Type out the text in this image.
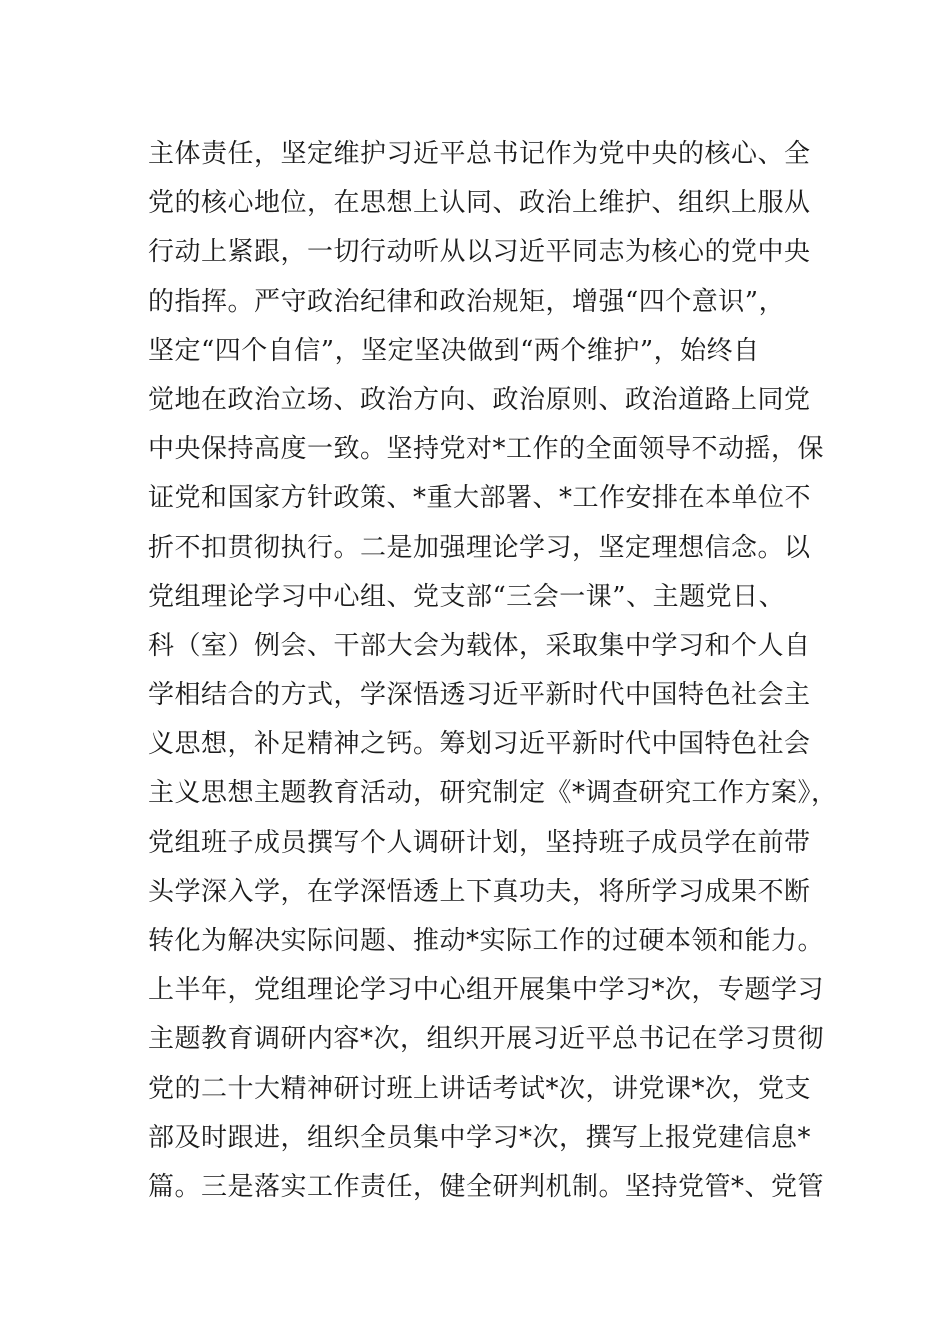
主体责任，坚定维护习近平总书记作为党中央的核心、全
党的核心地位，在思想上认同、政治上维护、组织上服从
行动上紧跟，一切行动听从以习近平同志为核心的党中央
的指挥。严守政治纪律和政治规矩，增强“四个意识”，
坚定“四个自信”，坚定坚决做到“两个维护”，始终自
觉地在政治立场、政治方向、政治原则、政治道路上同党
中央保持高度一致。坚持党对*工作的全面领导不动摇，保
证党和国家方针政策、*重大部署、*工作安排在本单位不
折不扣贯彻执行。二是加强理论学习，坚定理想信念。以
党组理论学习中心组、党支部“三会一课”、主题党日、
科（室）例会、干部大会为载体，采取集中学习和个人自
学相结合的方式，学深悟透习近平新时代中国特色社会主
义思想，补足精神之钙。筹划习近平新时代中国特色社会
主义思想主题教育活动，研究制定《*调查研究工作方案》，
党组班子成员撰写个人调研计划，坚持班子成员学在前带
头学深入学，在学深悟透上下真功夫，将所学习成果不断
转化为解决实际问题、推动*实际工作的过硬本领和能力。
上半年，党组理论学习中心组开展集中学习*次，专题学习
主题教育调研内容*次，组织开展习近平总书记在学习贯彻
党的二十大精神研讨班上讲话考试*次，讲党课*次，党支
部及时跟进，组织全员集中学习*次，撰写上报党建信息*
篇。三是落实工作责任，健全研判机制。坚持党管*、党管
